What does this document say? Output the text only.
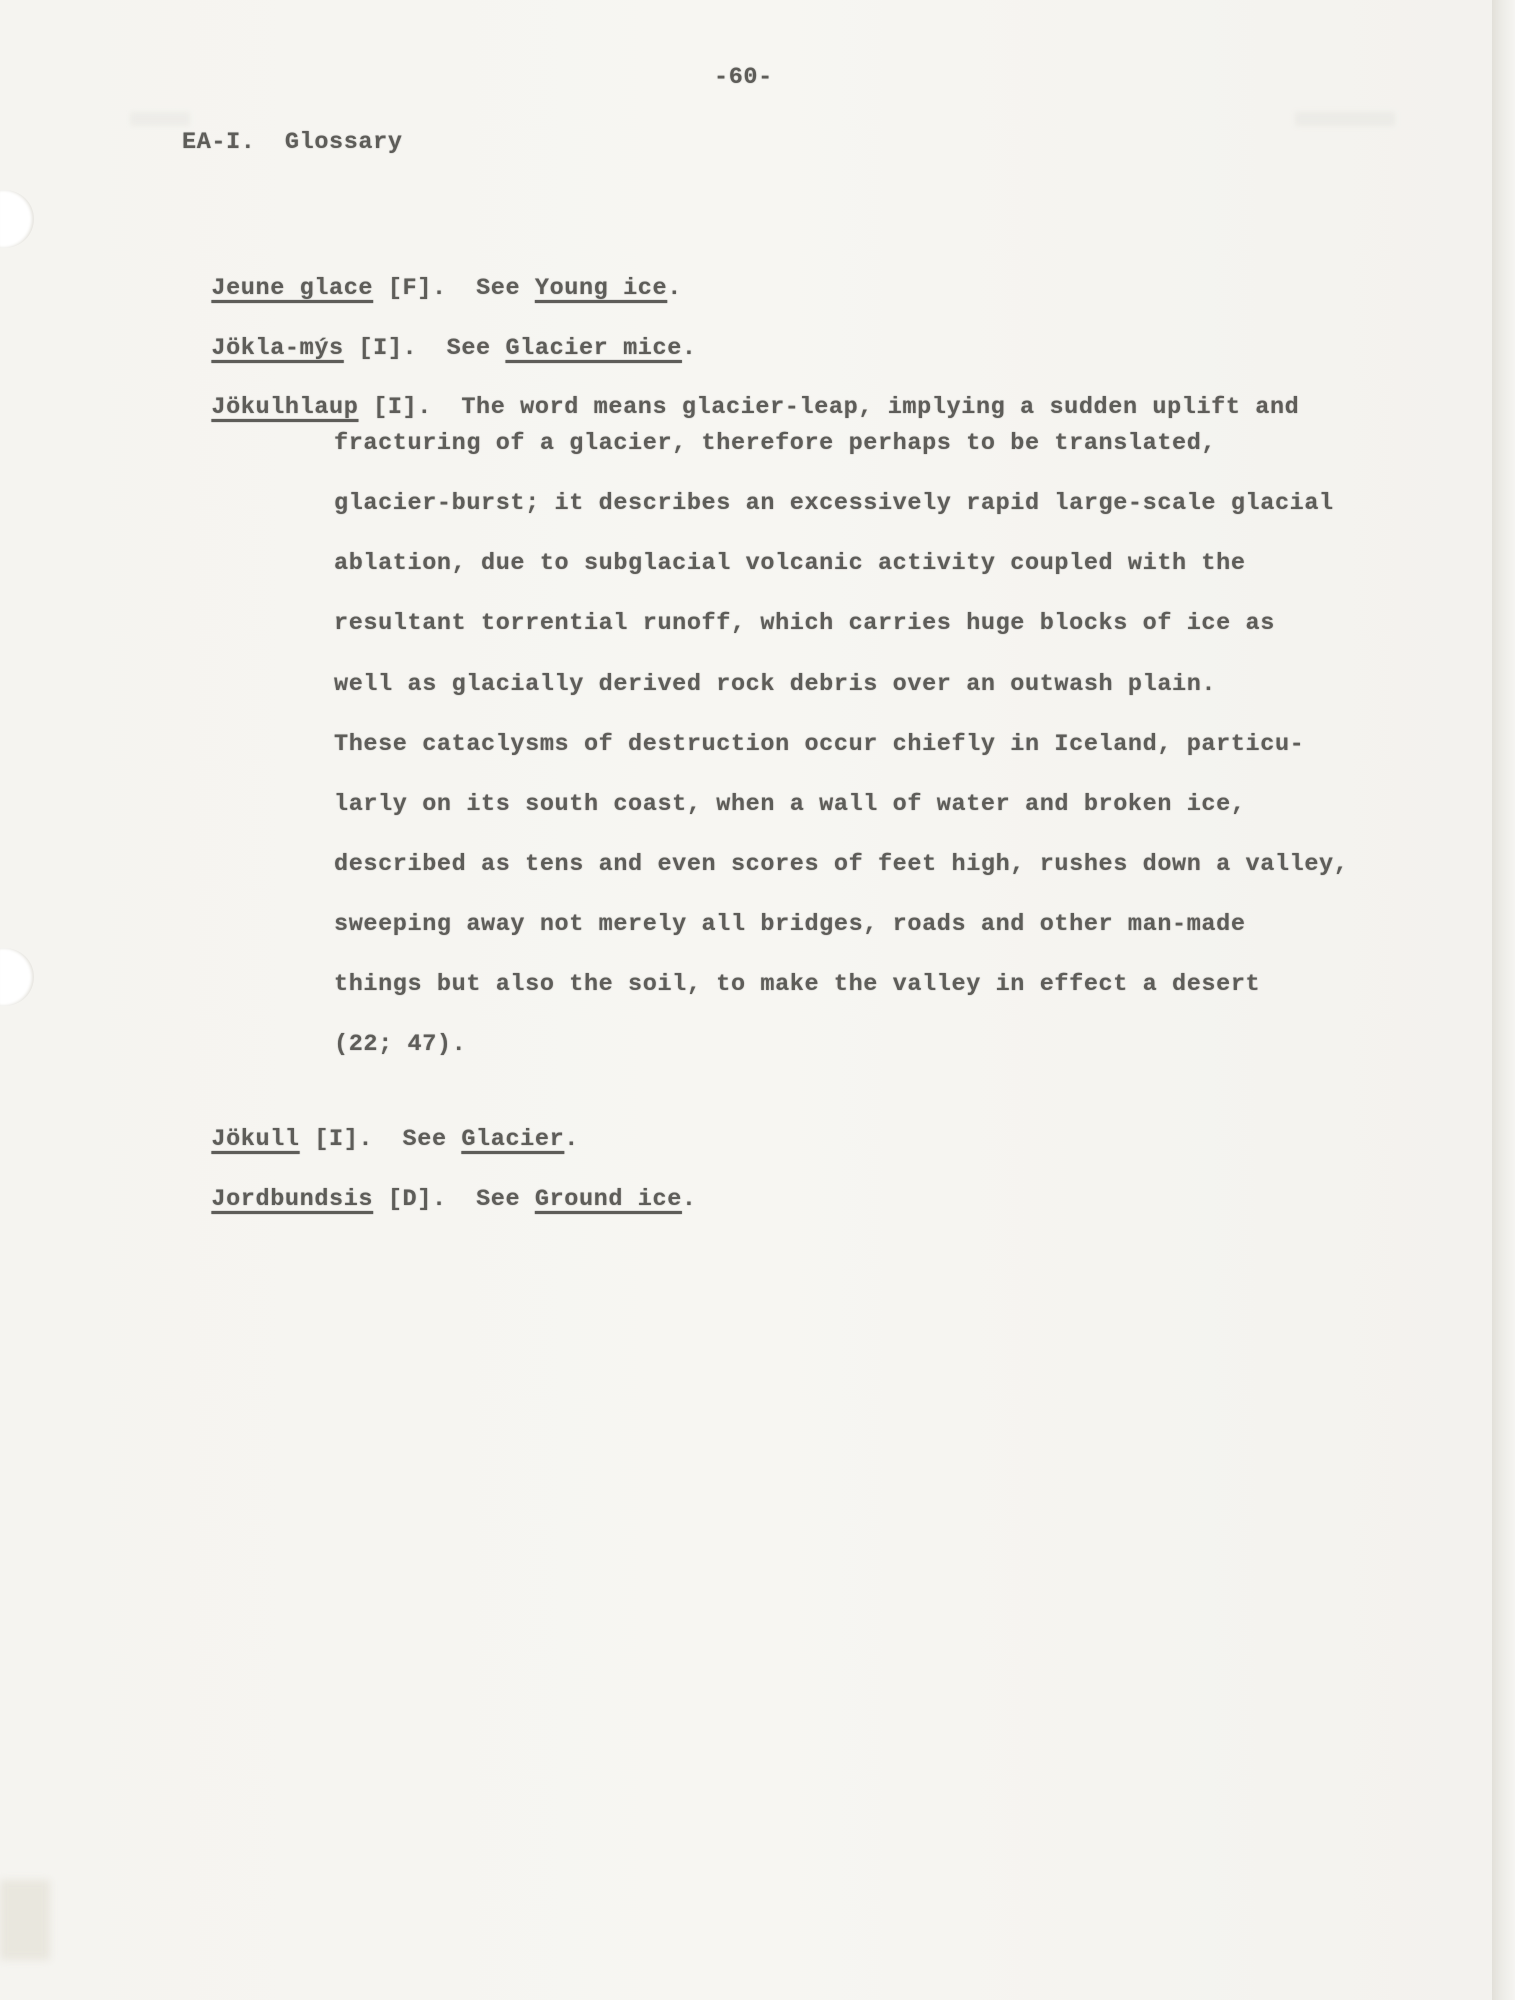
-60-
EA-I.  Glossary

Jeune glace [F]. See Young ice.

Jökla-mýs [I]. See Glacier mice.

Jökulhlaup [I]. The word means glacier-leap, implying a sudden uplift and

fracturing of a glacier, therefore perhaps to be translated,
glacier-burst; it describes an excessively rapid large-scale glacial
ablation, due to subglacial volcanic activity coupled with the
resultant torrential runoff, which carries huge blocks of ice as
well as glacially derived rock debris over an outwash plain.
These cataclysms of destruction occur chiefly in Iceland, particu-
larly on its south coast, when a wall of water and broken ice,
described as tens and even scores of feet high, rushes down a valley,
sweeping away not merely all bridges, roads and other man-made
things but also the soil, to make the valley in effect a desert
(22; 47).

Jökull [I]. See Glacier.

Jordbundsis [D]. See Ground ice.
